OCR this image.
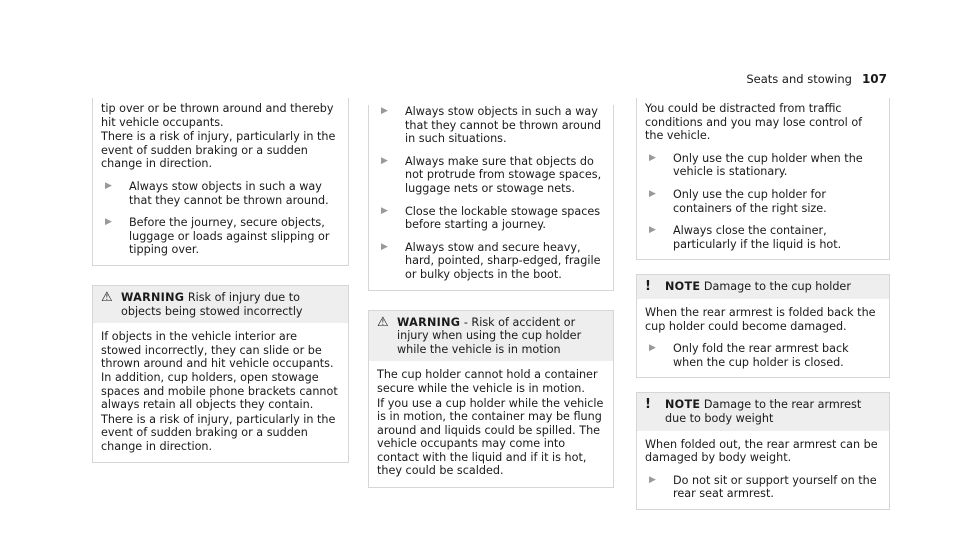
Seats and stowing 107

tip over or be thrown around and thereby hit vehicle occupants.

There is a risk of injury, particularly in the event of sudden braking or a sudden change in direction.

▶	Always stow objects in such a way that they cannot be thrown around.
▶	Before the journey, secure objects, luggage or loads against slipping or tipping over.
⚠ WARNING Risk of injury due to objects being stowed incorrectly

If objects in the vehicle interior are stowed incorrectly, they can slide or be thrown around and hit vehicle occupants. In addition, cup holders, open stowage spaces and mobile phone brackets cannot always retain all objects they contain.

There is a risk of injury, particularly in the event of sudden braking or a sudden change in direction.

▶	Always stow objects in such a way that they cannot be thrown around in such situations.
▶	Always make sure that objects do not protrude from stowage spaces, luggage nets or stowage nets.
▶	Close the lockable stowage spaces before starting a journey.
▶	Always stow and secure heavy, hard, pointed, sharp-edged, fragile or bulky objects in the boot.
⚠ WARNING - Risk of accident or injury when using the cup holder while the vehicle is in motion

The cup holder cannot hold a container secure while the vehicle is in motion.

If you use a cup holder while the vehicle is in motion, the container may be flung around and liquids could be spilled. The vehicle occupants may come into contact with the liquid and if it is hot, they could be scalded.

You could be distracted from traffic conditions and you may lose control of the vehicle.

▶	Only use the cup holder when the vehicle is stationary.
▶	Only use the cup holder for containers of the right size.
▶	Always close the container, particularly if the liquid is hot.
!	NOTE Damage to the cup holder

When the rear armrest is folded back the cup holder could become damaged.

▶	Only fold the rear armrest back when the cup holder is closed.
!	NOTE Damage to the rear armrest due to body weight

When folded out, the rear armrest can be damaged by body weight.

▶	Do not sit or support yourself on the rear seat armrest.
